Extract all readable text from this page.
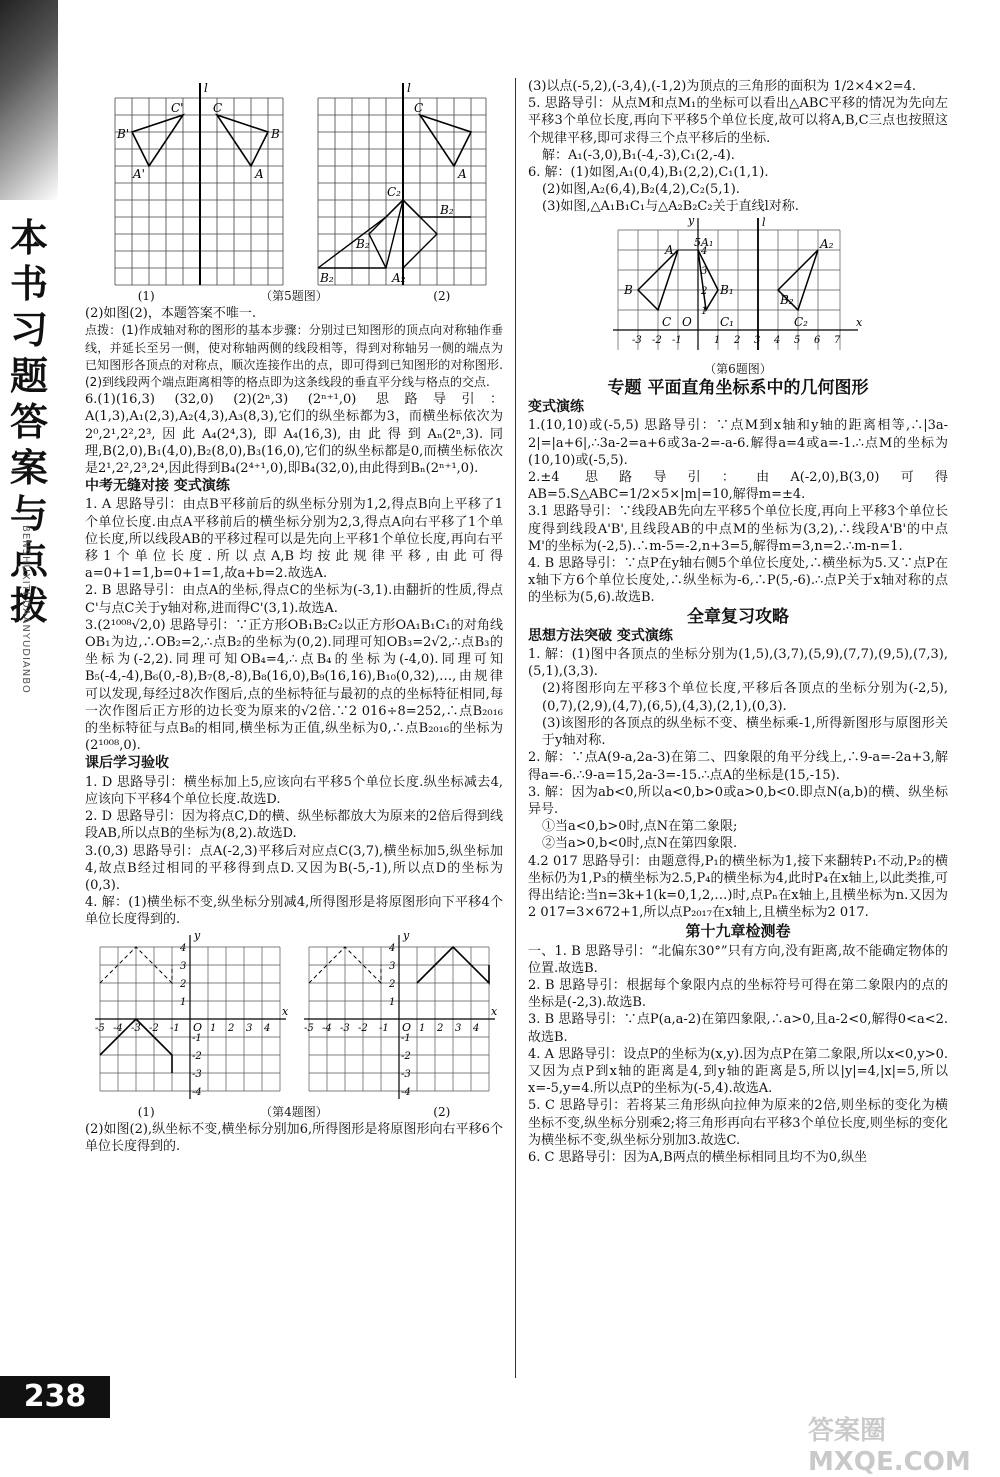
本
书
习
题
答
案
与
点
拨
BENSHUXITI DAANYUDIANBO
l
B'
C'
A'
C
B
A
l
C
A
C₂
B₂
B₂
A₂
B₂
(1)	（第5题图）	(2)

(2)如图(2)，本题答案不唯一.

点拨：(1)作成轴对称的图形的基本步骤：分别过已知图形的顶点向对称轴作垂线，并延长至另一侧，使对称轴两侧的线段相等，得到对称轴另一侧的端点为已知图形各顶点的对称点，顺次连接作出的点，即可得到已知图形的对称图形.(2)到线段两个端点距离相等的格点即为这条线段的垂直平分线与格点的交点.

6.(1)(16,3) (32,0) (2)(2ⁿ,3) (2ⁿ⁺¹,0) 思路导引：A(1,3),A₁(2,3),A₂(4,3),A₃(8,3),它们的纵坐标都为3，而横坐标依次为2⁰,2¹,2²,2³,因此A₄(2⁴,3),即A₄(16,3),由此得到Aₙ(2ⁿ,3).同理,B(2,0),B₁(4,0),B₂(8,0),B₃(16,0),它们的纵坐标都是0,而横坐标依次是2¹,2²,2³,2⁴,因此得到B₄(2⁴⁺¹,0),即B₄(32,0),由此得到Bₙ(2ⁿ⁺¹,0).

中考无缝对接 变式演练

1. A 思路导引：由点B平移前后的纵坐标分别为1,2,得点B向上平移了1个单位长度.由点A平移前后的横坐标分别为2,3,得点A向右平移了1个单位长度,所以线段AB的平移过程可以是先向上平移1个单位长度,再向右平移1个单位长度.所以点A,B均按此规律平移,由此可得a=0+1=1,b=0+1=1,故a+b=2.故选A.

2. B 思路导引：由点A的坐标,得点C的坐标为(-3,1).由翻折的性质,得点C'与点C关于y轴对称,进而得C'(3,1).故选A.

3.(2¹⁰⁰⁸√2,0) 思路导引：∵正方形OB₁B₂C₂以正方形OA₁B₁C₁的对角线OB₁为边,∴OB₂=2,∴点B₂的坐标为(0,2).同理可知OB₃=2√2,∴点B₃的坐标为(-2,2).同理可知OB₄=4,∴点B₄的坐标为(-4,0).同理可知B₅(-4,-4),B₆(0,-8),B₇(8,-8),B₈(16,0),B₉(16,16),B₁₀(0,32),…,由规律可以发现,每经过8次作图后,点的坐标特征与最初的点的坐标特征相同,每一次作图后正方形的边长变为原来的√2倍.∵2 016÷8=252,∴点B₂₀₁₆的坐标特征与点B₈的相同,横坐标为正值,纵坐标为0,∴点B₂₀₁₆的坐标为(2¹⁰⁰⁸,0).

课后学习验收

1. D 思路导引：横坐标加上5,应该向右平移5个单位长度.纵坐标减去4,应该向下平移4个单位长度.故选D.

2. D 思路导引：因为将点C,D的横、纵坐标都放大为原来的2倍后得到线段AB,所以点B的坐标为(8,2).故选D.

3.(0,3) 思路导引：点A(-2,3)平移后对应点C(3,7),横坐标加5,纵坐标加4,故点B经过相同的平移得到点D.又因为B(-5,-1),所以点D的坐标为(0,3).

4. 解：(1)横坐标不变,纵坐标分别减4,所得图形是将原图形向下平移4个单位长度得到的.

y
x
O
-5 -4 -3 -2 -1	1 2 3 4
4
3
2
1
-1
-2
-3
-4
y
x
O
-5 -4 -3 -2 -1	1 2 3 4
4
3
2
1
-1
-2
-3
-4
(1)	（第4题图）	(2)

(2)如图(2),纵坐标不变,横坐标分别加6,所得图形是将原图形向右平移6个单位长度得到的.

(3)以点(-5,2),(-3,4),(-1,2)为顶点的三角形的面积为 1/2×4×2=4.

5. 思路导引：从点M和点M₁的坐标可以看出△ABC平移的情况为先向左平移3个单位长度,再向下平移5个单位长度,故可以将A,B,C三点也按照这个规律平移,即可求得三个点平移后的坐标.

解：A₁(-3,0),B₁(-4,-3),C₁(2,-4).

6. 解：(1)如图,A₁(0,4),B₁(2,2),C₁(1,1).

(2)如图,A₂(6,4),B₂(4,2),C₂(5,1).

(3)如图,△A₁B₁C₁与△A₂B₂C₂关于直线l对称.

y	l
x
A
5A₁	A₂
B	B₁
B₂
C O C₁	C₂
-3 -2 -1	1 2 3 4 5 6 7
4
3
2
1
（第6题图）
专题 平面直角坐标系中的几何图形
变式演练

1.(10,10)或(-5,5) 思路导引：∵点M到x轴和y轴的距离相等,∴|3a-2|=|a+6|,∴3a-2=a+6或3a-2=-a-6.解得a=4或a=-1.∴点M的坐标为(10,10)或(-5,5).

2.±4 思路导引：由A(-2,0),B(3,0)可得AB=5.S△ABC=1/2×5×|m|=10,解得m=±4.

3.1 思路导引：∵线段AB先向左平移5个单位长度,再向上平移3个单位长度得到线段A'B',且线段AB的中点M的坐标为(3,2),∴线段A'B'的中点M'的坐标为(-2,5).∴m-5=-2,n+3=5,解得m=3,n=2.∴m-n=1.

4. B 思路导引：∵点P在y轴右侧5个单位长度处,∴横坐标为5.又∵点P在x轴下方6个单位长度处,∴纵坐标为-6,∴P(5,-6).∴点P关于x轴对称的点的坐标为(5,6).故选B.

全章复习攻略
思想方法突破 变式演练

1. 解：(1)图中各顶点的坐标分别为(1,5),(3,7),(5,9),(7,7),(9,5),(7,3),(5,1),(3,3).

(2)将图形向左平移3个单位长度,平移后各顶点的坐标分别为(-2,5),(0,7),(2,9),(4,7),(6,5),(4,3),(2,1),(0,3).

(3)该图形的各顶点的纵坐标不变、横坐标乘-1,所得新图形与原图形关于y轴对称.

2. 解：∵点A(9-a,2a-3)在第二、四象限的角平分线上,∴9-a=-2a+3,解得a=-6.∴9-a=15,2a-3=-15.∴点A的坐标是(15,-15).

3. 解：因为ab<0,所以a<0,b>0或a>0,b<0.即点N(a,b)的横、纵坐标异号.

①当a<0,b>0时,点N在第二象限;

②当a>0,b<0时,点N在第四象限.

4.2 017 思路导引：由题意得,P₁的横坐标为1,接下来翻转P₁不动,P₂的横坐标仍为1,P₃的横坐标为2.5,P₄的横坐标为4,此时P₄在x轴上,以此类推,可得出结论:当n=3k+1(k=0,1,2,…)时,点Pₙ在x轴上,且横坐标为n.又因为2 017=3×672+1,所以点P₂₀₁₇在x轴上,且横坐标为2 017.

第十九章检测卷

一、1. B 思路导引：“北偏东30°”只有方向,没有距离,故不能确定物体的位置.故选B.

2. B 思路导引：根据每个象限内点的坐标符号可得在第二象限内的点的坐标是(-2,3).故选B.

3. B 思路导引：∵点P(a,a-2)在第四象限,∴a>0,且a-2<0,解得0<a<2.故选B.

4. A 思路导引：设点P的坐标为(x,y).因为点P在第二象限,所以x<0,y>0.又因为点P到x轴的距离是4,到y轴的距离是5,所以|y|=4,|x|=5,所以x=-5,y=4.所以点P的坐标为(-5,4).故选A.

5. C 思路导引：若将某三角形纵向拉伸为原来的2倍,则坐标的变化为横坐标不变,纵坐标分别乘2;将三角形再向右平移3个单位长度,则坐标的变化为横坐标不变,纵坐标分别加3.故选C.

6. C 思路导引：因为A,B两点的横坐标相同且均不为0,纵坐

238
答案圈 MXQE.COM
